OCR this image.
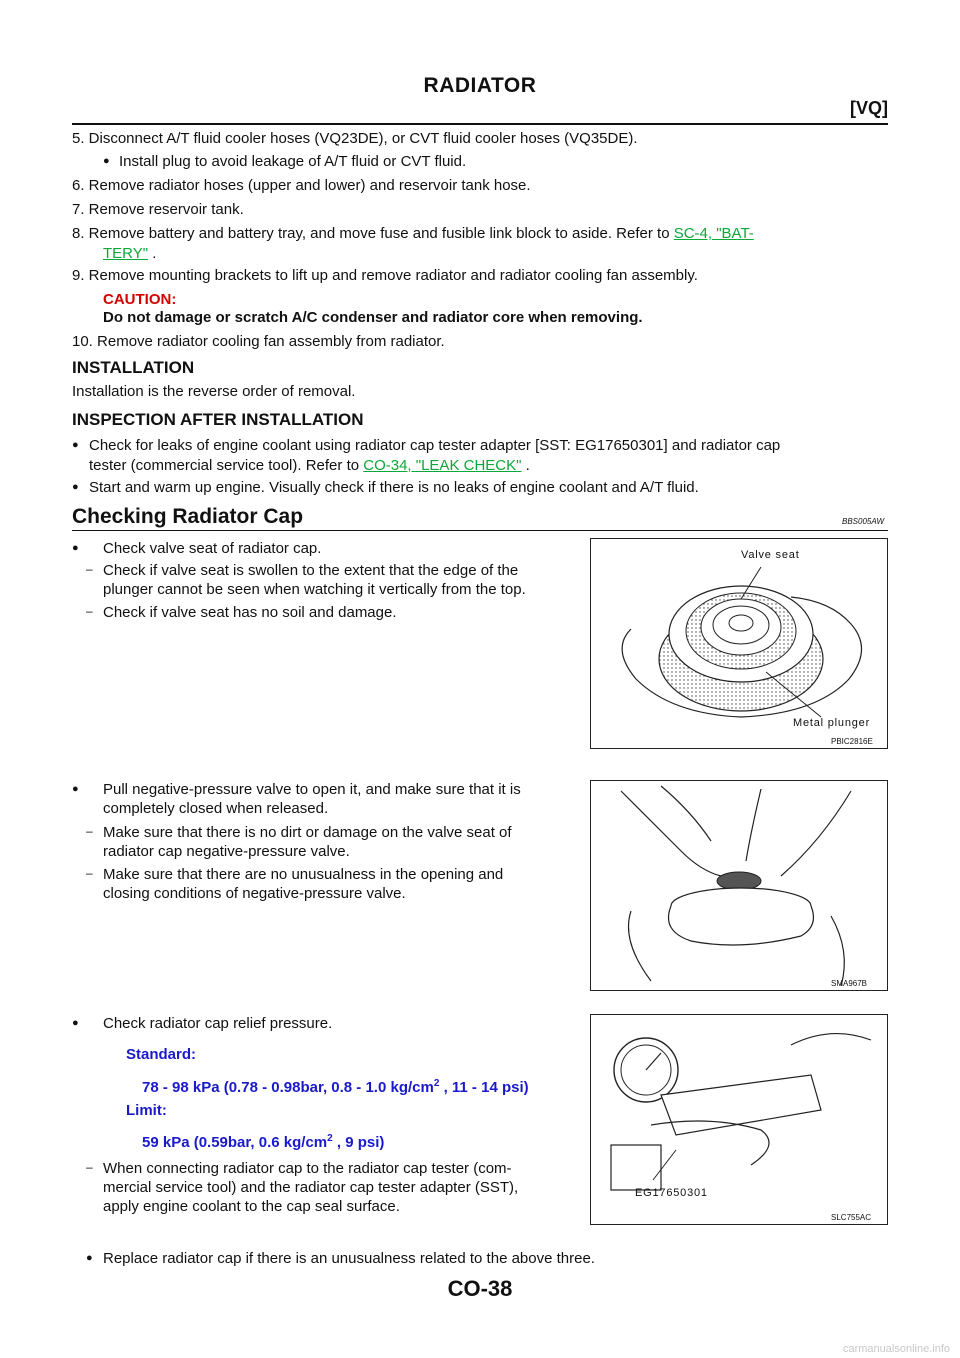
RADIATOR
[VQ]
5. Disconnect A/T fluid cooler hoses (VQ23DE), or CVT fluid cooler hoses (VQ35DE).
● Install plug to avoid leakage of A/T fluid or CVT fluid.
6. Remove radiator hoses (upper and lower) and reservoir tank hose.
7. Remove reservoir tank.
8. Remove battery and battery tray, and move fuse and fusible link block to aside. Refer to SC-4, "BAT-
TERY" .
9. Remove mounting brackets to lift up and remove radiator and radiator cooling fan assembly.
CAUTION:
Do not damage or scratch A/C condenser and radiator core when removing.
10. Remove radiator cooling fan assembly from radiator.
INSTALLATION
Installation is the reverse order of removal.
INSPECTION AFTER INSTALLATION
● Check for leaks of engine coolant using radiator cap tester adapter [SST: EG17650301] and radiator cap
tester (commercial service tool). Refer to CO-34, "LEAK CHECK" .
● Start and warm up engine. Visually check if there is no leaks of engine coolant and A/T fluid.
Checking Radiator Cap	BBS005AW
● Check valve seat of radiator cap.
– Check if valve seat is swollen to the extent that the edge of the
plunger cannot be seen when watching it vertically from the top.
– Check if valve seat has no soil and damage.
● Pull negative-pressure valve to open it, and make sure that it is
completely closed when released.
– Make sure that there is no dirt or damage on the valve seat of
radiator cap negative-pressure valve.
– Make sure that there are no unusualness in the opening and
closing conditions of negative-pressure valve.
● Check radiator cap relief pressure.
Standard:
78 - 98 kPa (0.78 - 0.98bar, 0.8 - 1.0 $kg/cm^2$ , 11 - 14 psi)
Limit:
59 kPa (0.59bar, 0.6 $kg/cm^2$ , 9 psi)
– When connecting radiator cap to the radiator cap tester (com-
mercial service tool) and the radiator cap tester adapter (SST),
apply engine coolant to the cap seal surface.
● Replace radiator cap if there is an unusualness related to the above three.
Valve seat
Metal plunger
PBIC2816E
SMA967B
EG17650301
SLC755AC
CO-38
carmanualsonline.info
